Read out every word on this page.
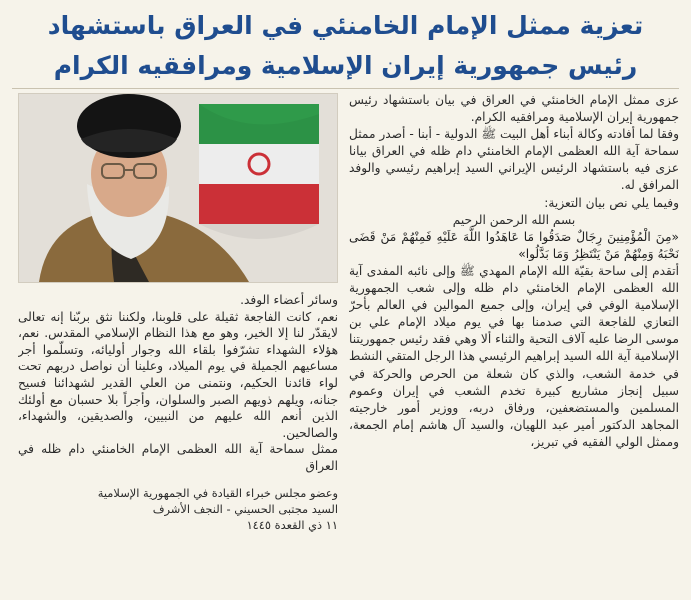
تعزية ممثل الإمام الخامنئي في العراق باستشهاد
رئيس جمهورية إيران الإسلامية ومرافقيه الكرام

عزى ممثل الإمام الخامنئي في العراق في بيان باستشهاد رئيس جمهورية إيران الإسلامية ومرافقيه الكرام.

وفقا لما أفادته وكالة أبناء أهل البيت ﷺ الدولية - أبنا - أصدر ممثل سماحة آية الله العظمى الإمام الخامنئي دام ظله في العراق بيانا عزى فيه باستشهاد الرئيس الإيراني السيد إبراهيم رئيسي والوفد المرافق له.

وفيما يلي نص بيان التعزية:

بسم الله الرحمن الرحيم

«مِنَ الْمُؤْمِنِينَ رِجَالٌ صَدَقُوا مَا عَاهَدُوا اللَّهَ عَلَيْهِ فَمِنْهُمْ مَنْ قَضَى نَحْبَهُ وَمِنْهُمْ مَنْ يَنْتَظِرُ وَمَا بَدَّلُوا»

أتقدم إلى ساحة بقيّة الله الإمام المهدي ﷺ وإلى نائبه المفدى آية الله العظمى الإمام الخامنئي دام ظله وإلى شعب الجمهورية الإسلامية الوفي في إيران، وإلى جميع الموالين في العالم بأحرّ التعازي للفاجعة التي صدمنا بها في يوم ميلاد الإمام علي بن موسى الرضا عليه آلاف التحية والثناء ألا وهي فقد رئيس جمهوريتنا الإسلامية آية الله السيد إبراهيم الرئيسي هذا الرجل المتقي النشط في خدمة الشعب، والذي كان شعلة من الحرص والحركة في سبيل إنجاز مشاريع كبيرة تخدم الشعب في إيران وعموم المسلمين والمستضعفين، ورفاق دربه، ووزير أمور خارجيته المجاهد الدكتور أمير عبد اللهيان، والسيد آل هاشم إمام الجمعة، وممثل الولي الفقيه في تبريز،

وسائر أعضاء الوفد.

نعم، كانت الفاجعة ثقيلة على قلوبنا، ولكننا نثق بربّنا إنه تعالى لايقدّر لنا إلا الخير، وهو مع هذا النظام الإسلامي المقدس. نعم، هؤلاء الشهداء تشرّفوا بلقاء الله وجوار أوليائه، وتسلّموا أجر مساعيهم الجميلة في يوم الميلاد، وعلينا أن نواصل دربهم تحت لواء قائدنا الحكيم، ونتمنى من العلي القدير لشهدائنا فسيح جنانه، ويلهم ذويهم الصبر والسلوان، وأجراً بلا حسبان مع أولئك الذين أنعم الله عليهم من النبيين، والصديقين، والشهداء، والصالحين.

ممثل سماحة آية الله العظمى الإمام الخامنئي دام ظله في العراق

وعضو مجلس خبراء القيادة في الجمهورية الإسلامية
السيد مجتبى الحسيني - النجف الأشرف
١١ ذي القعدة ١٤٤٥
